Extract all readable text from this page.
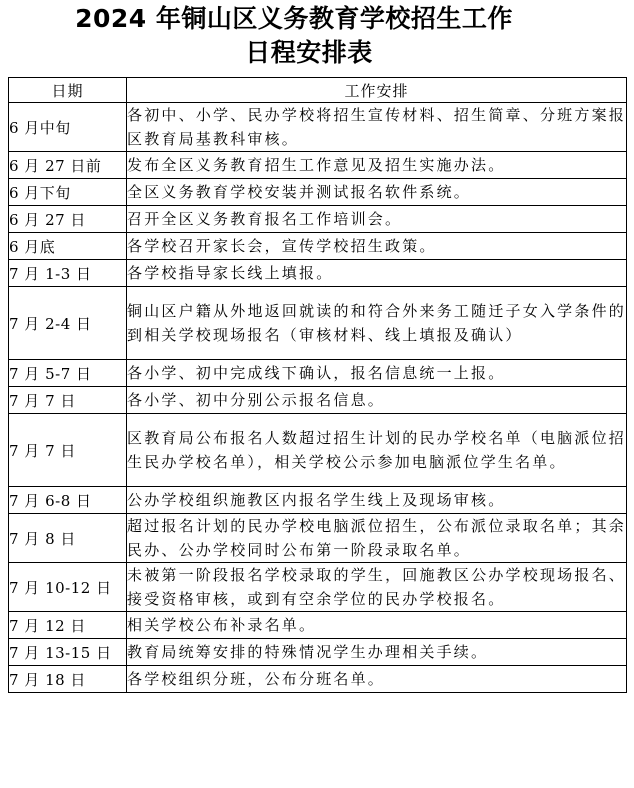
2024 年铜山区义务教育学校招生工作
日程安排表
日期	工作安排
6 月中旬	各初中、小学、民办学校将招生宣传材料、招生简章、分班方案报区教育局基教科审核。
6 月 27 日前	发布全区义务教育招生工作意见及招生实施办法。
6 月下旬	全区义务教育学校安装并测试报名软件系统。
6 月 27 日	召开全区义务教育报名工作培训会。
6 月底	各学校召开家长会，宣传学校招生政策。
7 月 1-3 日	各学校指导家长线上填报。
7 月 2-4 日	铜山区户籍从外地返回就读的和符合外来务工随迁子女入学条件的到相关学校现场报名（审核材料、线上填报及确认）
7 月 5-7 日	各小学、初中完成线下确认，报名信息统一上报。
7 月 7 日	各小学、初中分别公示报名信息。
7 月 7 日	区教育局公布报名人数超过招生计划的民办学校名单（电脑派位招生民办学校名单），相关学校公示参加电脑派位学生名单。
7 月 6-8 日	公办学校组织施教区内报名学生线上及现场审核。
7 月 8 日	超过报名计划的民办学校电脑派位招生，公布派位录取名单；其余民办、公办学校同时公布第一阶段录取名单。
7 月 10-12 日	未被第一阶段报名学校录取的学生，回施教区公办学校现场报名、接受资格审核，或到有空余学位的民办学校报名。
7 月 12 日	相关学校公布补录名单。
7 月 13-15 日	教育局统筹安排的特殊情况学生办理相关手续。
7 月 18 日	各学校组织分班，公布分班名单。
